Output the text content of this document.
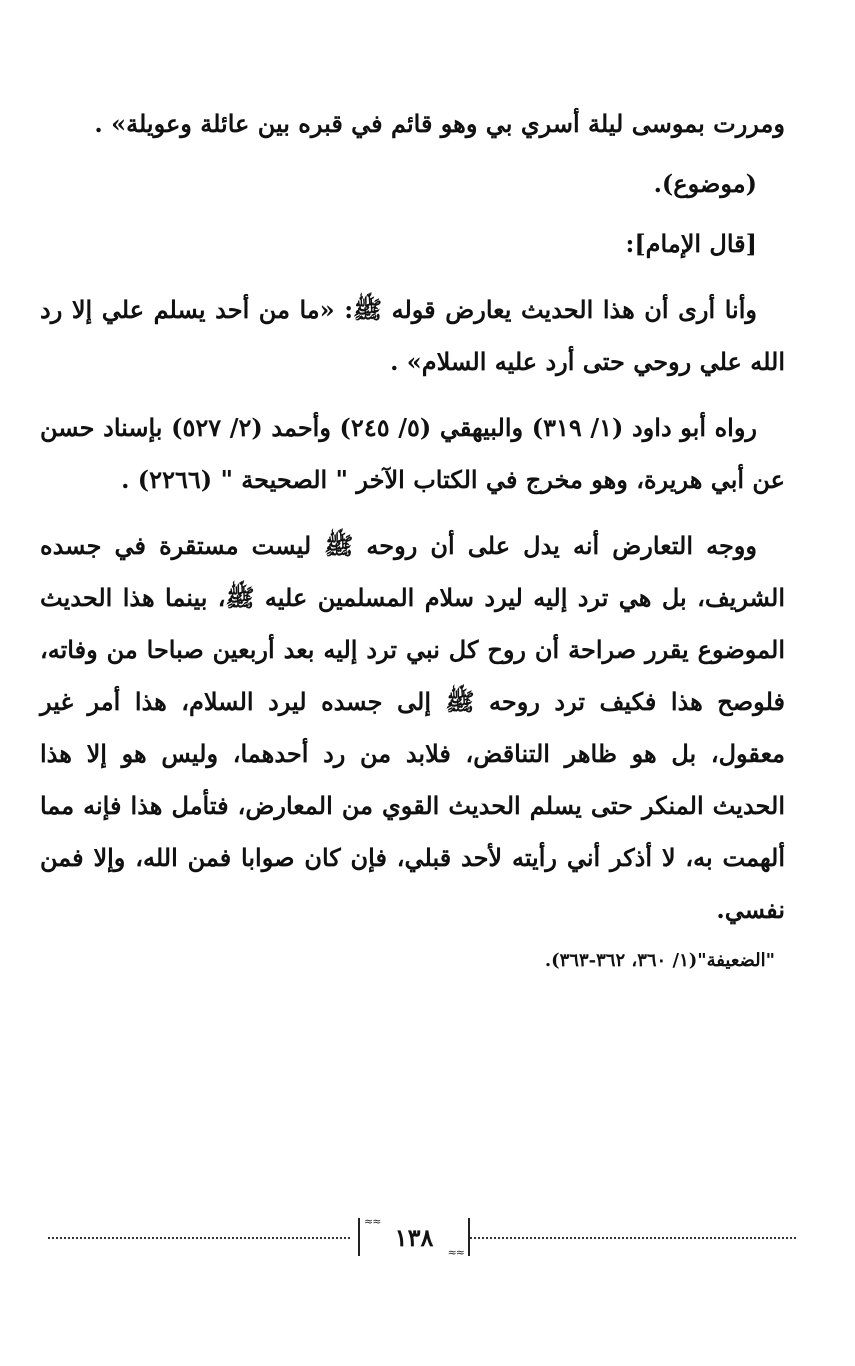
ومررت بموسى ليلة أسري بي وهو قائم في قبره بين عائلة وعويلة» .

(موضوع).

[قال الإمام]:

وأنا أرى أن هذا الحديث يعارض قوله ﷺ: «ما من أحد يسلم علي إلا رد الله علي روحي حتى أرد عليه السلام» .

رواه أبو داود (١/ ٣١٩) والبيهقي (٥/ ٢٤٥) وأحمد (٢/ ٥٢٧) بإسناد حسن عن أبي هريرة، وهو مخرج في الكتاب الآخر " الصحيحة " (٢٢٦٦) .

ووجه التعارض أنه يدل على أن روحه ﷺ ليست مستقرة في جسده الشريف، بل هي ترد إليه ليرد سلام المسلمين عليه ﷺ، بينما هذا الحديث الموضوع يقرر صراحة أن روح كل نبي ترد إليه بعد أربعين صباحا من وفاته، فلوصح هذا فكيف ترد روحه ﷺ إلى جسده ليرد السلام، هذا أمر غير معقول، بل هو ظاهر التناقض، فلابد من رد أحدهما، وليس هو إلا هذا الحديث المنكر حتى يسلم الحديث القوي من المعارض، فتأمل هذا فإنه مما ألهمت به، لا أذكر أني رأيته لأحد قبلي، فإن كان صوابا فمن الله، وإلا فمن نفسي.

"الضعيفة"(١/ ٣٦٠، ٣٦٢-٣٦٣).

≈≈
١٣٨
≈≈
